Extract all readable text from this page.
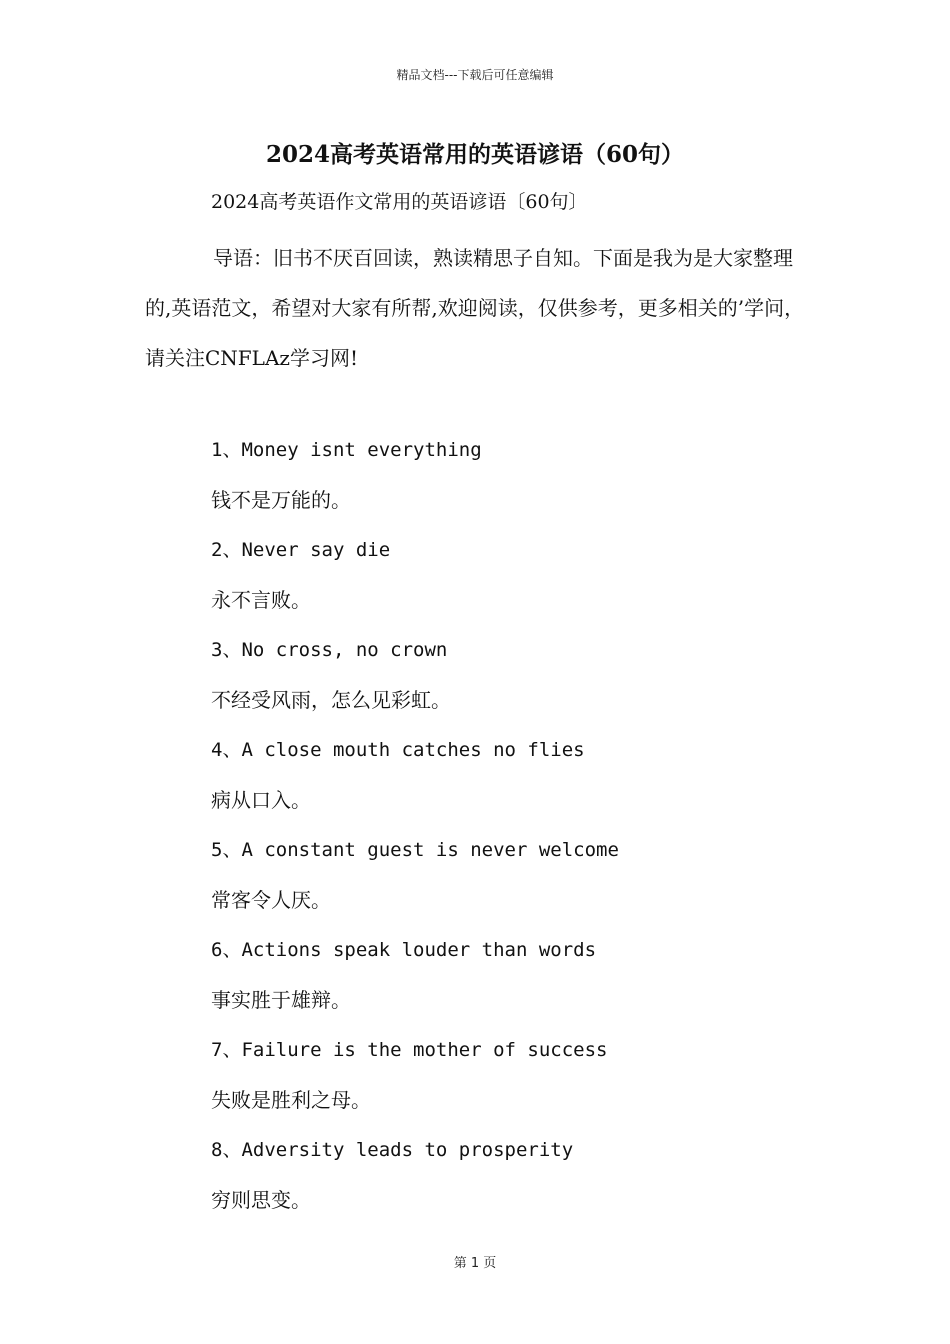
精品文档---下载后可任意编辑
2024高考英语常用的英语谚语（60句）
2024高考英语作文常用的英语谚语〔60句〕

导语：旧书不厌百回读，熟读精思子自知。下面是我为是大家整理的,英语范文，希望对大家有所帮,欢迎阅读，仅供参考，更多相关的’学问，请关注CNFLAz学习网!

1、Money isnt everything
钱不是万能的。
2、Never say die
永不言败。
3、No cross, no crown
不经受风雨，怎么见彩虹。
4、A close mouth catches no flies
病从口入。
5、A constant guest is never welcome
常客令人厌。
6、Actions speak louder than words
事实胜于雄辩。
7、Failure is the mother of success
失败是胜利之母。
8、Adversity leads to prosperity
穷则思变。
第 1 页
